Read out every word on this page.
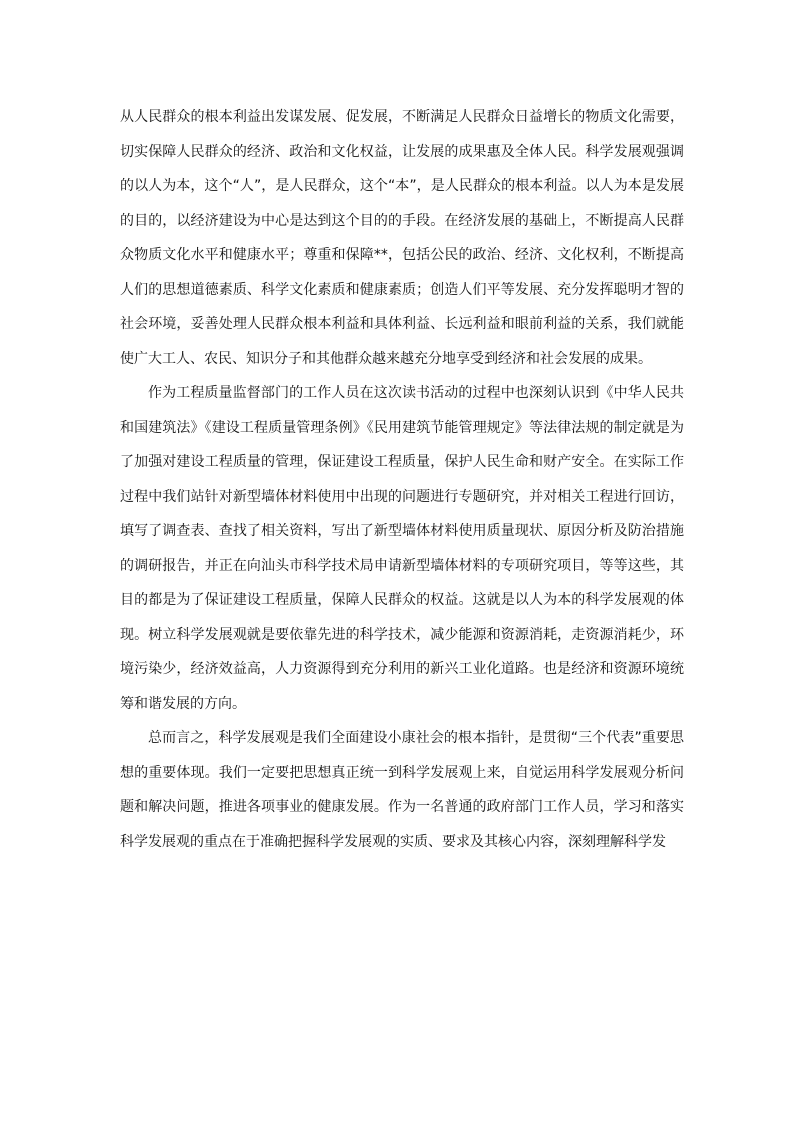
从人民群众的根本利益出发谋发展、促发展，不断满足人民群众日益增长的物质文化需要，切实保障人民群众的经济、政治和文化权益，让发展的成果惠及全体人民。科学发展观强调的以人为本，这个“人”，是人民群众，这个“本”，是人民群众的根本利益。以人为本是发展的目的，以经济建设为中心是达到这个目的的手段。在经济发展的基础上，不断提高人民群众物质文化水平和健康水平；尊重和保障**，包括公民的政治、经济、文化权利，不断提高人们的思想道德素质、科学文化素质和健康素质；创造人们平等发展、充分发挥聪明才智的社会环境，妥善处理人民群众根本利益和具体利益、长远利益和眼前利益的关系，我们就能使广大工人、农民、知识分子和其他群众越来越充分地享受到经济和社会发展的成果。

作为工程质量监督部门的工作人员在这次读书活动的过程中也深刻认识到《中华人民共和国建筑法》《建设工程质量管理条例》《民用建筑节能管理规定》等法律法规的制定就是为了加强对建设工程质量的管理，保证建设工程质量，保护人民生命和财产安全。在实际工作过程中我们站针对新型墙体材料使用中出现的问题进行专题研究，并对相关工程进行回访，填写了调查表、查找了相关资料，写出了新型墙体材料使用质量现状、原因分析及防治措施的调研报告，并正在向汕头市科学技术局申请新型墙体材料的专项研究项目，等等这些，其目的都是为了保证建设工程质量，保障人民群众的权益。这就是以人为本的科学发展观的体现。树立科学发展观就是要依靠先进的科学技术，减少能源和资源消耗，走资源消耗少，环境污染少，经济效益高，人力资源得到充分利用的新兴工业化道路。也是经济和资源环境统筹和谐发展的方向。

总而言之，科学发展观是我们全面建设小康社会的根本指针，是贯彻“三个代表”重要思想的重要体现。我们一定要把思想真正统一到科学发展观上来，自觉运用科学发展观分析问题和解决问题，推进各项事业的健康发展。作为一名普通的政府部门工作人员，学习和落实科学发展观的重点在于准确把握科学发展观的实质、要求及其核心内容，深刻理解科学发
